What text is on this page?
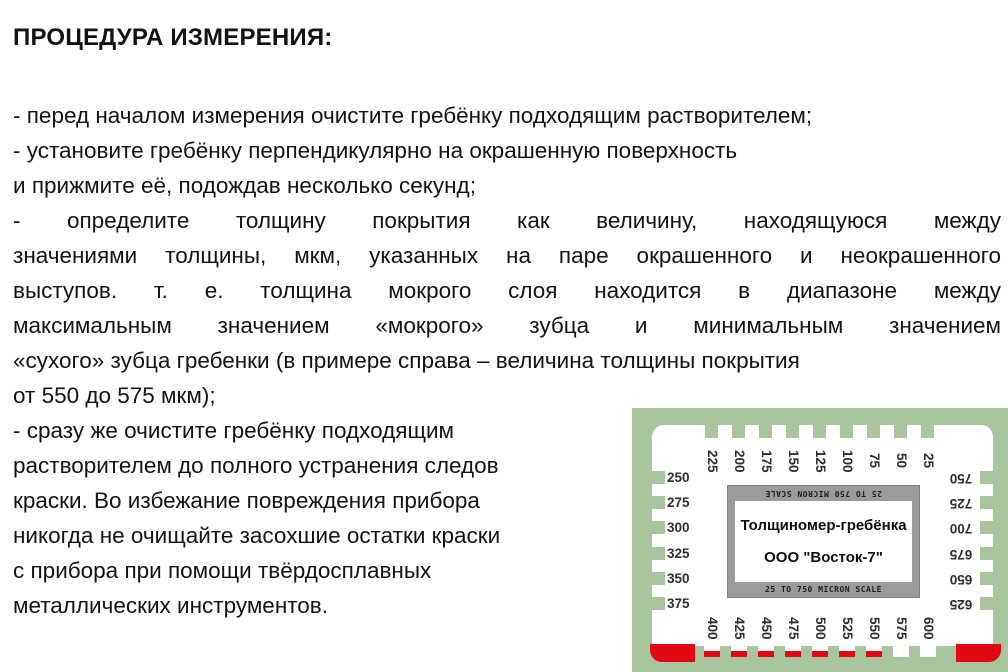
ПРОЦЕДУРА ИЗМЕРЕНИЯ:
- перед началом измерения очистите гребёнку подходящим растворителем;
- установите гребёнку перпендикулярно на окрашенную поверхность
и прижмите её, подождав несколько секунд;
- определите толщину покрытия как величину, находящуюся между
значениями толщины, мкм, указанных на паре окрашенного и неокрашенного
выступов. т. е. толщина мокрого слоя находится в диапазоне между
максимальным значением «мокрого» зубца и минимальным значением
«сухого» зубца гребенки (в примере справа – величина толщины покрытия
от 550 до 575 мкм);
- сразу же очистите гребёнку подходящим
растворителем до полного устранения следов
краски. Во избежание повреждения прибора
никогда не очищайте засохшие остатки краски
с прибора при помощи твёрдосплавных
металлических инструментов.
225 200 175 150 125 100 75 50 25
250
275
300
325
350
375
750
725
700
675
650
625
400 425 450 475 500 525 550 575 600
25 TO 750 MICRON SCALE
Толщиномер-гребёнка
ООО "Восток-7"
25 TO 750 MICRON SCALE
